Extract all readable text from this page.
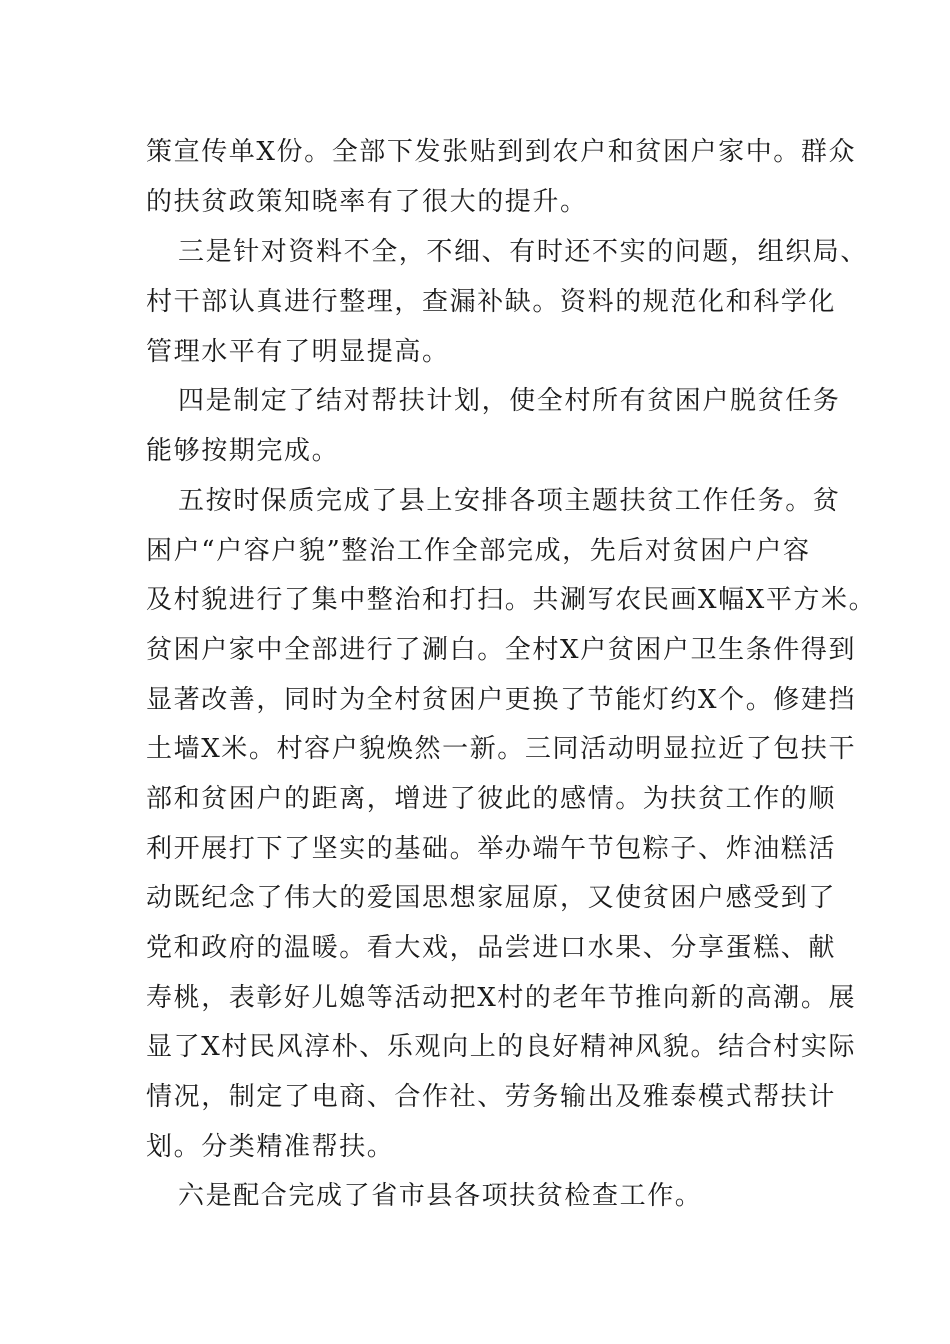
策宣传单X份。全部下发张贴到到农户和贫困户家中。群众
的扶贫政策知晓率有了很大的提升。
三是针对资料不全，不细、有时还不实的问题，组织局、
村干部认真进行整理，查漏补缺。资料的规范化和科学化
管理水平有了明显提高。
四是制定了结对帮扶计划，使全村所有贫困户脱贫任务
能够按期完成。
五按时保质完成了县上安排各项主题扶贫工作任务。贫
困户“户容户貌”整治工作全部完成，先后对贫困户户容
及村貌进行了集中整治和打扫。共涮写农民画X幅X平方米。
贫困户家中全部进行了涮白。全村X户贫困户卫生条件得到
显著改善，同时为全村贫困户更换了节能灯约X个。修建挡
土墙X米。村容户貌焕然一新。三同活动明显拉近了包扶干
部和贫困户的距离，增进了彼此的感情。为扶贫工作的顺
利开展打下了坚实的基础。举办端午节包粽子、炸油糕活
动既纪念了伟大的爱国思想家屈原，又使贫困户感受到了
党和政府的温暖。看大戏，品尝进口水果、分享蛋糕、献
寿桃，表彰好儿媳等活动把X村的老年节推向新的高潮。展
显了X村民风淳朴、乐观向上的良好精神风貌。结合村实际
情况，制定了电商、合作社、劳务输出及雅泰模式帮扶计
划。分类精准帮扶。
六是配合完成了省市县各项扶贫检查工作。
